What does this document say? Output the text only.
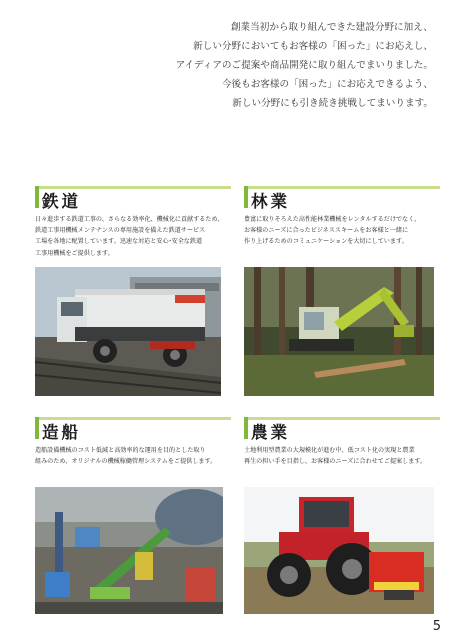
創業当初から取り組んできた建設分野に加え、
新しい分野においてもお客様の「困った」にお応えし、
アイディアのご提案や商品開発に取り組んでまいりました。
今後もお客様の「困った」にお応えできるよう、
新しい分野にも引き続き挑戦してまいります。
鉄道
日々進歩する鉄道工事の、さらなる効率化、機械化に貢献するため、
鉄道工事用機械メンテナンスの専用施設を備えた鉄道サービス
工場を各地に配置しています。迅速な対応と安心･安全な鉄道
工事用機械をご提供します。
林業
豊富に取りそろえた高性能林業機械をレンタルするだけでなく、
お客様のニーズに合ったビジネススキームをお客様と一緒に
作り上げるためのコミュニケーションを大切にしています。
造船
造船設備機械のコスト低減と高効率的な運用を目的とした取り
組みのため、オリジナルの機械稼働管理システムをご提供します。
農業
土地利用型農業の大規模化が進む中、低コスト化の実現と農業
再生の担い手を目指し、お客様のニーズに合わせてご提案します。
5
